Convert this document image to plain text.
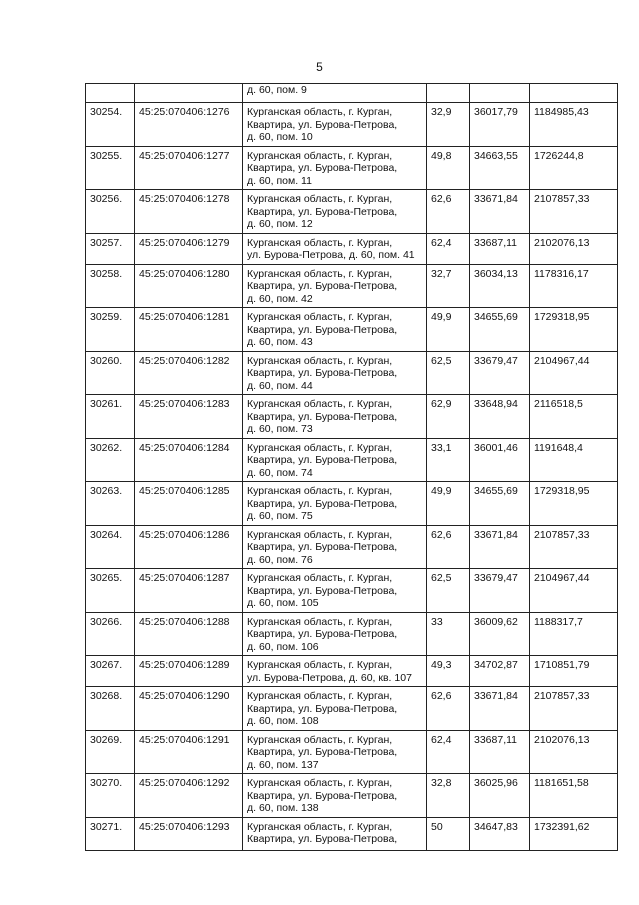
5

		д. 60, пом. 9			

30254.	45:25:070406:1276	Курганская область, г. Курган,
Квартира, ул. Бурова-Петрова,
д. 60, пом. 10	32,9	36017,79	1184985,43
30255.	45:25:070406:1277	Курганская область, г. Курган,
Квартира, ул. Бурова-Петрова,
д. 60, пом. 11	49,8	34663,55	1726244,8
30256.	45:25:070406:1278	Курганская область, г. Курган,
Квартира, ул. Бурова-Петрова,
д. 60, пом. 12	62,6	33671,84	2107857,33
30257.	45:25:070406:1279	Курганская область, г. Курган,
ул. Бурова-Петрова, д. 60, пом. 41	62,4	33687,11	2102076,13
30258.	45:25:070406:1280	Курганская область, г. Курган,
Квартира, ул. Бурова-Петрова,
д. 60, пом. 42	32,7	36034,13	1178316,17
30259.	45:25:070406:1281	Курганская область, г. Курган,
Квартира, ул. Бурова-Петрова,
д. 60, пом. 43	49,9	34655,69	1729318,95
30260.	45:25:070406:1282	Курганская область, г. Курган,
Квартира, ул. Бурова-Петрова,
д. 60, пом. 44	62,5	33679,47	2104967,44
30261.	45:25:070406:1283	Курганская область, г. Курган,
Квартира, ул. Бурова-Петрова,
д. 60, пом. 73	62,9	33648,94	2116518,5
30262.	45:25:070406:1284	Курганская область, г. Курган,
Квартира, ул. Бурова-Петрова,
д. 60, пом. 74	33,1	36001,46	1191648,4
30263.	45:25:070406:1285	Курганская область, г. Курган,
Квартира, ул. Бурова-Петрова,
д. 60, пом. 75	49,9	34655,69	1729318,95
30264.	45:25:070406:1286	Курганская область, г. Курган,
Квартира, ул. Бурова-Петрова,
д. 60, пом. 76	62,6	33671,84	2107857,33
30265.	45:25:070406:1287	Курганская область, г. Курган,
Квартира, ул. Бурова-Петрова,
д. 60, пом. 105	62,5	33679,47	2104967,44
30266.	45:25:070406:1288	Курганская область, г. Курган,
Квартира, ул. Бурова-Петрова,
д. 60, пом. 106	33	36009,62	1188317,7
30267.	45:25:070406:1289	Курганская область, г. Курган,
ул. Бурова-Петрова, д. 60, кв. 107	49,3	34702,87	1710851,79
30268.	45:25:070406:1290	Курганская область, г. Курган,
Квартира, ул. Бурова-Петрова,
д. 60, пом. 108	62,6	33671,84	2107857,33
30269.	45:25:070406:1291	Курганская область, г. Курган,
Квартира, ул. Бурова-Петрова,
д. 60, пом. 137	62,4	33687,11	2102076,13
30270.	45:25:070406:1292	Курганская область, г. Курган,
Квартира, ул. Бурова-Петрова,
д. 60, пом. 138	32,8	36025,96	1181651,58
30271.	45:25:070406:1293	Курганская область, г. Курган,
Квартира, ул. Бурова-Петрова,	50	34647,83	1732391,62
